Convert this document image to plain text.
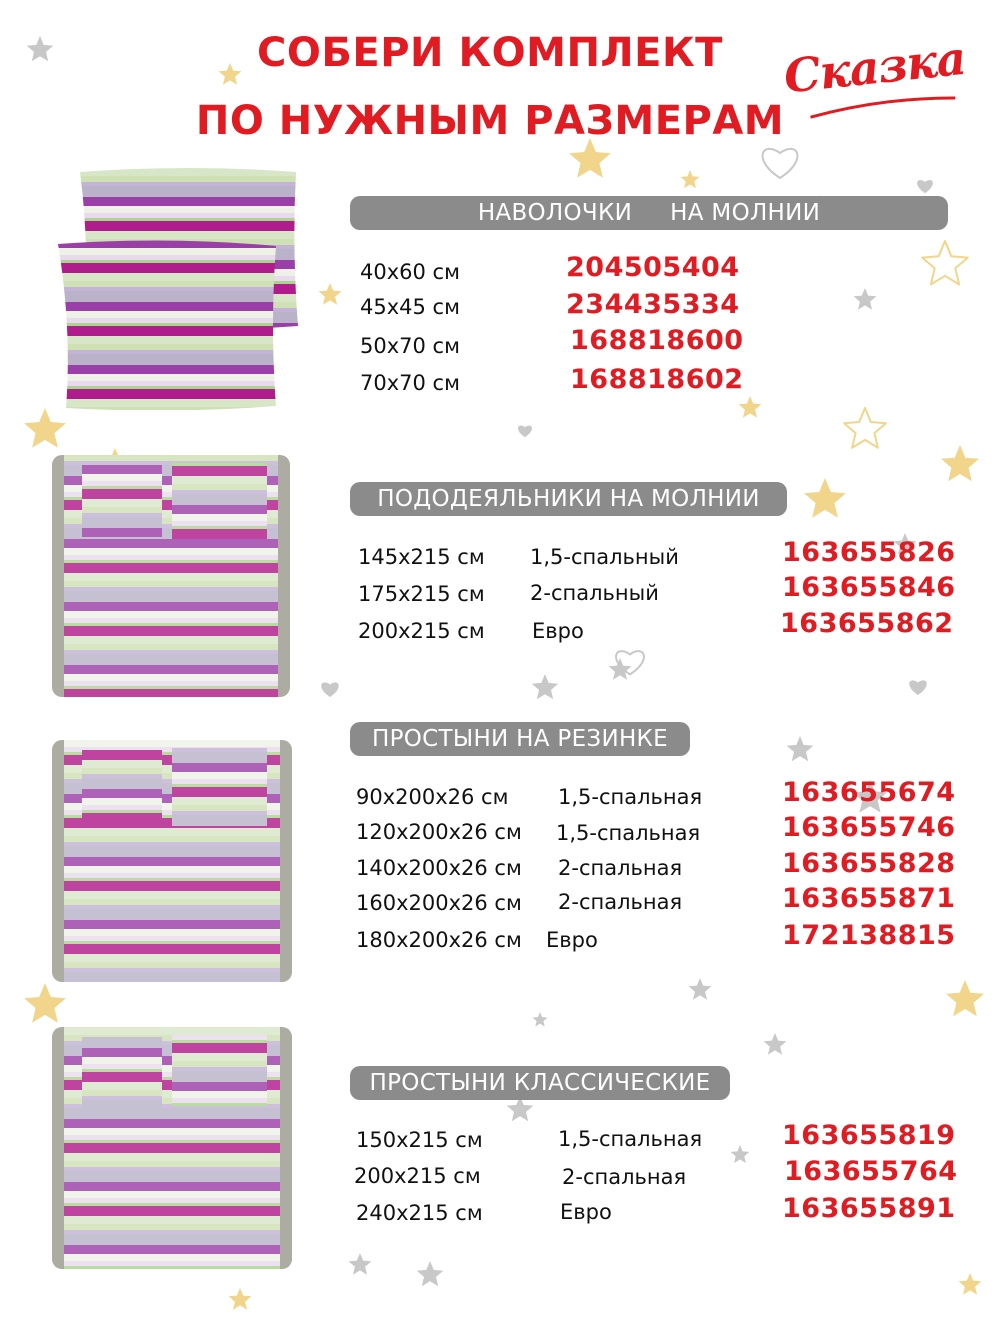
СОБЕРИ КОМПЛЕКТ
ПО НУЖНЫМ РАЗМЕРАМ
Сказка
НАВОЛОЧКИ     НА МОЛНИИ
ПОДОДЕЯЛЬНИКИ НА МОЛНИИ
ПРОСТЫНИ НА РЕЗИНКЕ
ПРОСТЫНИ КЛАССИЧЕСКИЕ
40x60 см	204505404
45x45 см	234435334
50x70 см	168818600
70x70 см	168818602
145x215 см 1,5-спальный	163655826
175x215 см 2-спальный	163655846
200x215 см Евро	163655862
90x200x26 см 1,5-спальная	163655674
120x200x26 см 1,5-спальная	163655746
140x200x26 см 2-спальная	163655828
160x200x26 см 2-спальная	163655871
180x200x26 см Евро	172138815
150x215 см	1,5-спальная	163655819
200x215 см	2-спальная	163655764
240x215 см	Евро	163655891
